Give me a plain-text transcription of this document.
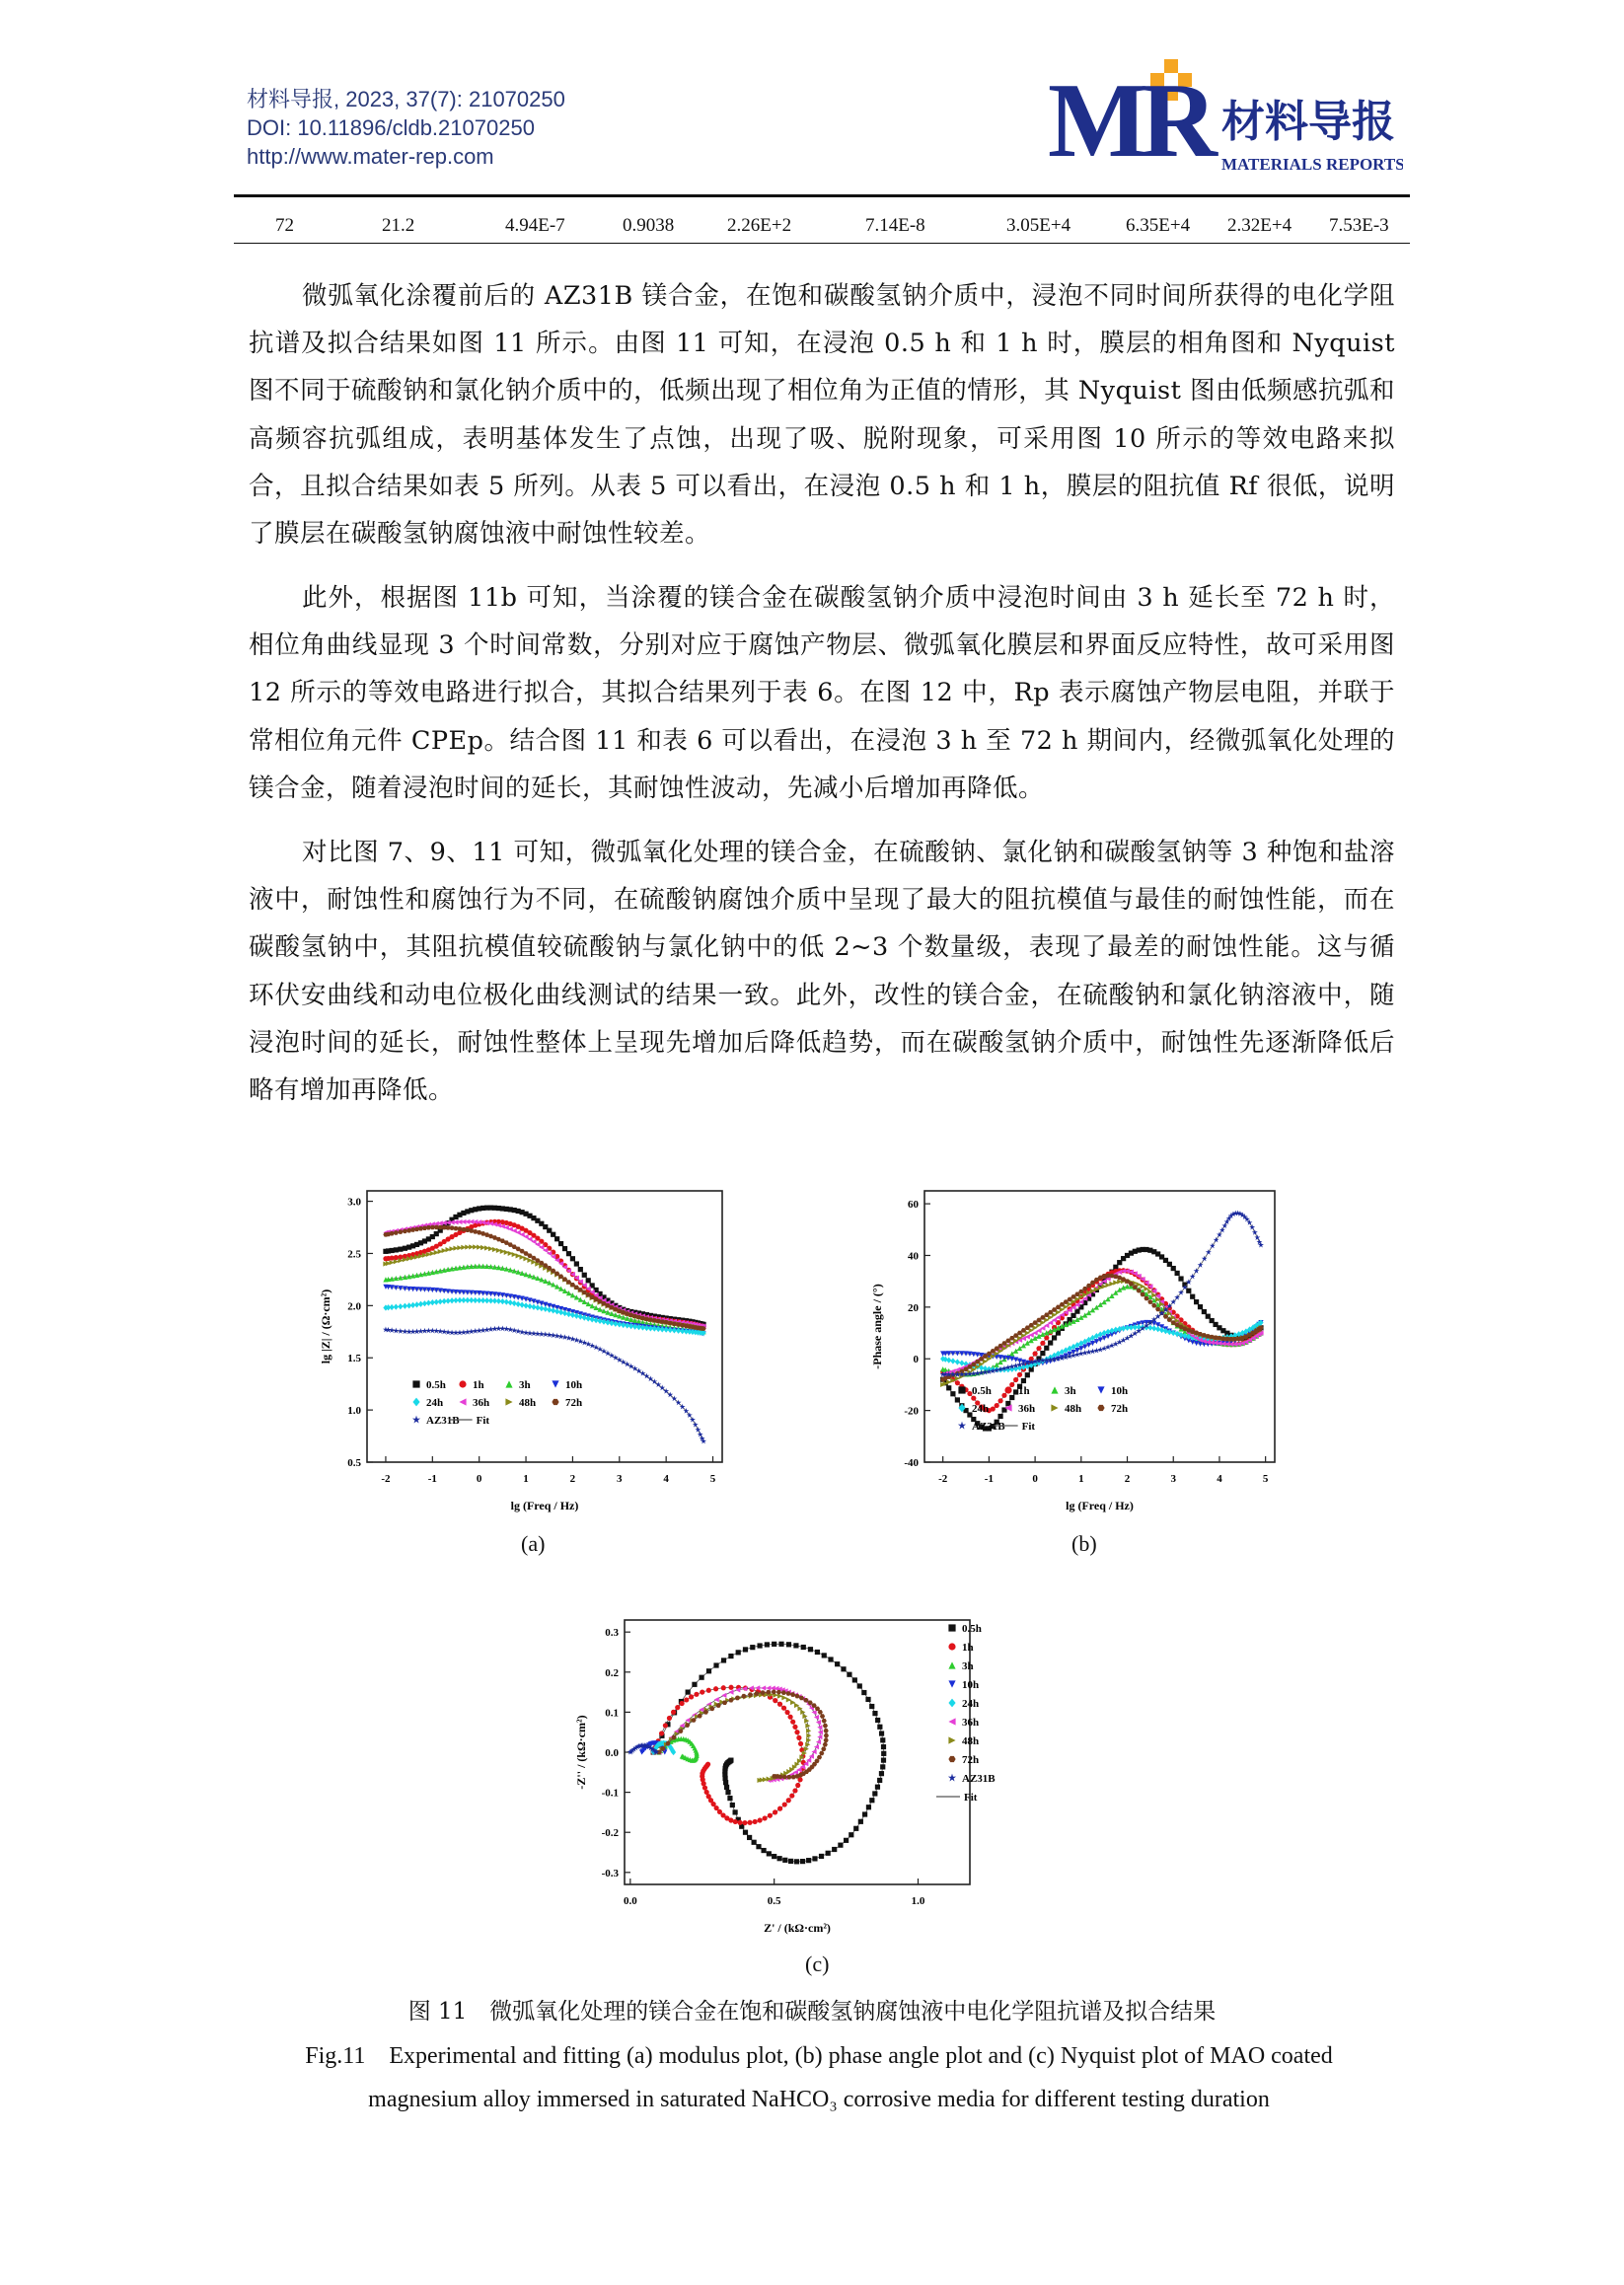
材料导报, 2023, 37(7): 21070250
DOI: 10.11896/cldb.21070250
http://www.mater-rep.com	MR 材料导报
MATERIALS REPORTS
72	21.2	4.94E-7	0.9038	2.26E+2	7.14E-8	3.05E+4	6.35E+4 2.32E+4 7.53E-3

微弧氧化涂覆前后的 AZ31B 镁合金，在饱和碳酸氢钠介质中，浸泡不同时间所获得的电化学阻抗谱及拟合结果如图 11 所示。由图 11 可知，在浸泡 0.5 h 和 1 h 时，膜层的相角图和 Nyquist 图不同于硫酸钠和氯化钠介质中的，低频出现了相位角为正值的情形，其 Nyquist 图由低频感抗弧和高频容抗弧组成，表明基体发生了点蚀，出现了吸、脱附现象，可采用图 10 所示的等效电路来拟合，且拟合结果如表 5 所列。从表 5 可以看出，在浸泡 0.5 h 和 1 h，膜层的阻抗值 Rf 很低，说明了膜层在碳酸氢钠腐蚀液中耐蚀性较差。

此外，根据图 11b 可知，当涂覆的镁合金在碳酸氢钠介质中浸泡时间由 3 h 延长至 72 h 时，相位角曲线显现 3 个时间常数，分别对应于腐蚀产物层、微弧氧化膜层和界面反应特性，故可采用图 12 所示的等效电路进行拟合，其拟合结果列于表 6。在图 12 中，Rp 表示腐蚀产物层电阻，并联于常相位角元件 CPEp。结合图 11 和表 6 可以看出，在浸泡 3 h 至 72 h 期间内，经微弧氧化处理的镁合金，随着浸泡时间的延长，其耐蚀性波动，先减小后增加再降低。

对比图 7、9、11 可知，微弧氧化处理的镁合金，在硫酸钠、氯化钠和碳酸氢钠等 3 种饱和盐溶液中，耐蚀性和腐蚀行为不同，在硫酸钠腐蚀介质中呈现了最大的阻抗模值与最佳的耐蚀性能，而在碳酸氢钠中，其阻抗模值较硫酸钠与氯化钠中的低 2~3 个数量级，表现了最差的耐蚀性能。这与循环伏安曲线和动电位极化曲线测试的结果一致。此外，改性的镁合金，在硫酸钠和氯化钠溶液中，随浸泡时间的延长，耐蚀性整体上呈现先增加后降低趋势，而在碳酸氢钠介质中，耐蚀性先逐渐降低后略有增加再降低。

-2	-1	0	1	2	3	4	5
0.5
1.0
1.5
2.0
2.5
3.0
lg (Freq / Hz)
lg |Z| / (Ω·cm²)
0.5h 1h	3h	10h
24h	36h	48h	72h
AZ31B Fit
(a)
-2	-1	0	1	2	3	4	5
-40
-20
0
20
40
60
lg (Freq / Hz)
-Phase angle / (°)
0.5h 1h	3h	10h
24h	36h	48h	72h
AZ31B Fit
(b)
0.0	0.5	1.0
-0.3
-0.2
-0.1
0.0
0.1
0.2
0.3
Z' / (kΩ·cm²)
-Z'' / (kΩ·cm²)
0.5h
1h
3h
10h
24h
36h
48h
72h
AZ31B
Fit
(c)
图 11　微弧氧化处理的镁合金在饱和碳酸氢钠腐蚀液中电化学阻抗谱及拟合结果
Fig.11　Experimental and fitting (a) modulus plot, (b) phase angle plot and (c) Nyquist plot of MAO coated
magnesium alloy immersed in saturated NaHCO₃ corrosive media for different testing duration
